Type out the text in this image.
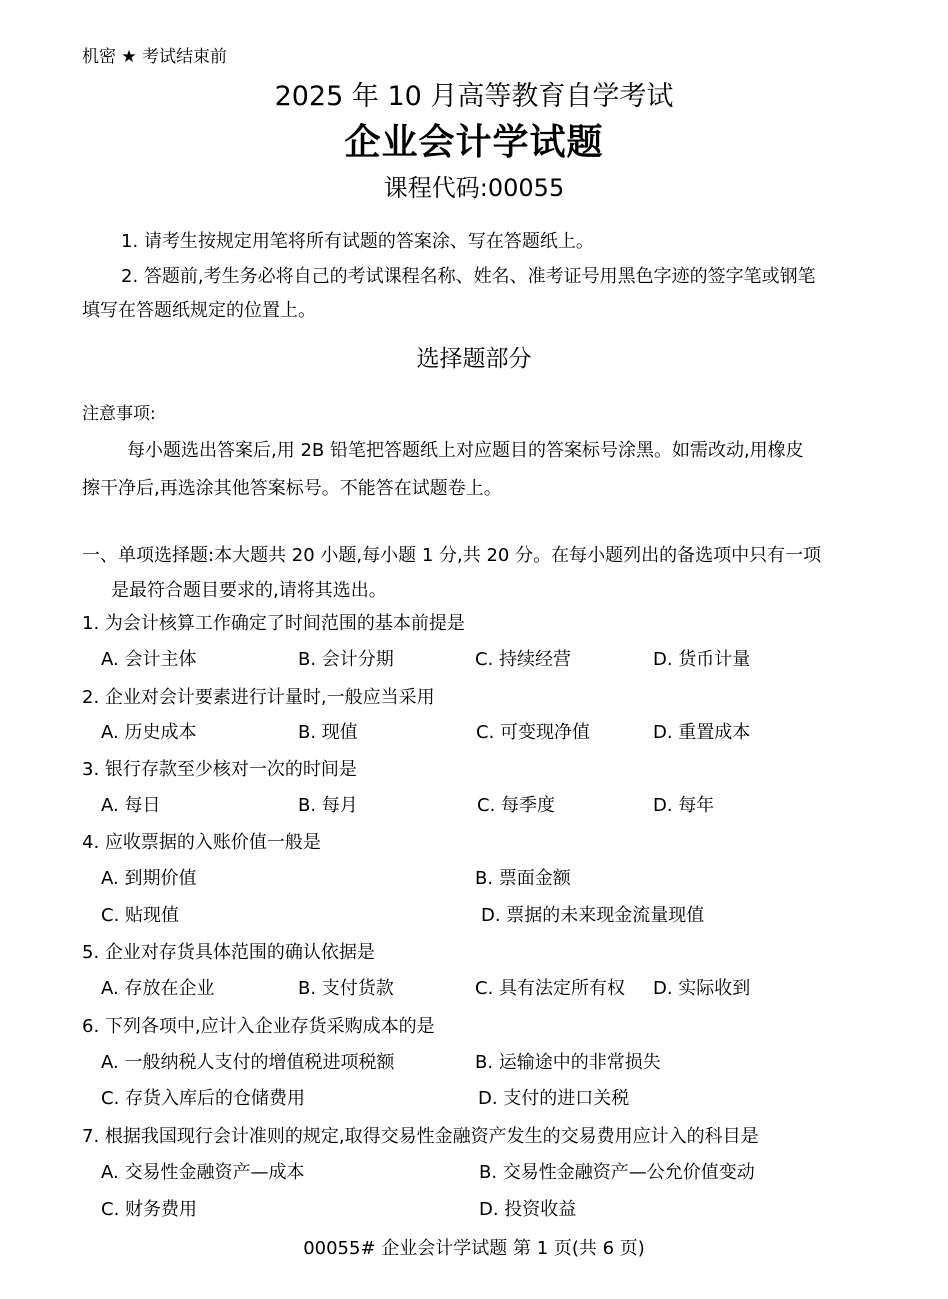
机密 ★ 考试结束前
2025 年 10 月高等教育自学考试
企业会计学试题
课程代码:00055
1. 请考生按规定用笔将所有试题的答案涂、写在答题纸上。
2. 答题前,考生务必将自己的考试课程名称、姓名、准考证号用黑色字迹的签字笔或钢笔
填写在答题纸规定的位置上。
选择题部分
注意事项:
每小题选出答案后,用 2B 铅笔把答题纸上对应题目的答案标号涂黑。如需改动,用橡皮
擦干净后,再选涂其他答案标号。不能答在试题卷上。
一、单项选择题:本大题共 20 小题,每小题 1 分,共 20 分。在每小题列出的备选项中只有一项
是最符合题目要求的,请将其选出。
1. 为会计核算工作确定了时间范围的基本前提是
A. 会计主体	B. 会计分期	C. 持续经营	D. 货币计量
2. 企业对会计要素进行计量时,一般应当采用
A. 历史成本	B. 现值	C. 可变现净值	D. 重置成本
3. 银行存款至少核对一次的时间是
A. 每日	B. 每月	C. 每季度	D. 每年
4. 应收票据的入账价值一般是
A. 到期价值	B. 票面金额
C. 贴现值	D. 票据的未来现金流量现值
5. 企业对存货具体范围的确认依据是
A. 存放在企业	B. 支付货款	C. 具有法定所有权 D. 实际收到
6. 下列各项中,应计入企业存货采购成本的是
A. 一般纳税人支付的增值税进项税额	B. 运输途中的非常损失
C. 存货入库后的仓储费用	D. 支付的进口关税
7. 根据我国现行会计准则的规定,取得交易性金融资产发生的交易费用应计入的科目是
A. 交易性金融资产—成本	B. 交易性金融资产—公允价值变动
C. 财务费用	D. 投资收益
00055# 企业会计学试题 第 1 页(共 6 页)
